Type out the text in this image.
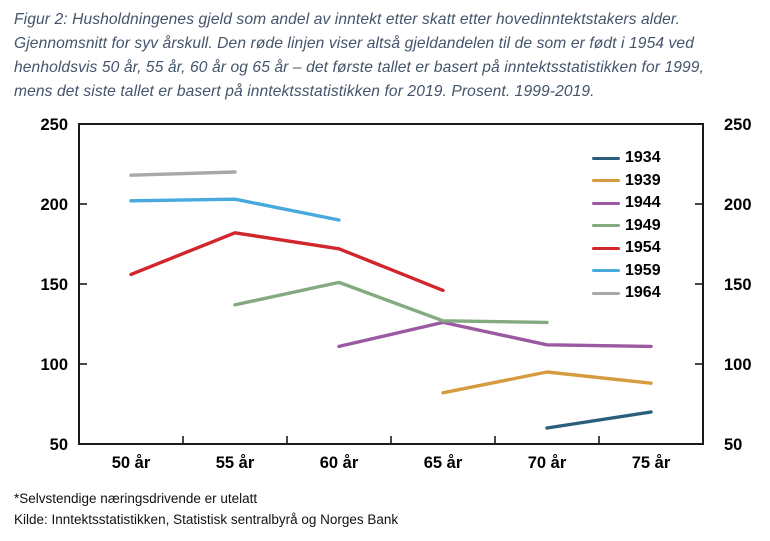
Figur 2: Husholdningenes gjeld som andel av inntekt etter skatt etter hovedinntektstakers alder.
Gjennomsnitt for syv årskull. Den røde linjen viser altså gjeldandelen til de som er født i 1954 ved
henholdsvis 50 år, 55 år, 60 år og 65 år – det første tallet er basert på inntektsstatistikken for 1999,
mens det siste tallet er basert på inntektsstatistikken for 2019. Prosent. 1999-2019.
50	50
100	100
150	150
200	200
250	250
50 år	55 år	60 år	65 år	70 år	75 år
1934
1939
1944
1949
1954
1959
1964
*Selvstendige næringsdrivende er utelatt
Kilde: Inntektsstatistikken, Statistisk sentralbyrå og Norges Bank
